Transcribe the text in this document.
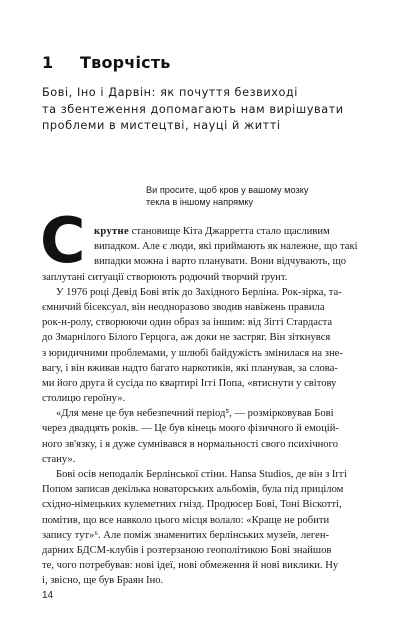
1 Творчість
Бові, Іно і Дарвін: як почуття безвиході
та збентеження допомагають нам вирішувати
проблеми в мистецтві, науці й житті
Ви просите, щоб кров у вашому мозку
текла в іншому напрямку
С крутне становище Кіта Джарретта стало щасливим
випадком. Але є люди, які приймають як належне, що такі
випадки можна і варто планувати. Вони відчувають, що
заплутані ситуації створюють родючий творчий ґрунт.
У 1976 році Девід Бові втік до Західного Берліна. Рок-зірка, та-
ємничий бісексуал, він неодноразово зводив навіжень правила
рок-н-ролу, створюючи один образ за іншим: від Зіггі Стардаста
до Змарнілого Білого Герцога, аж доки не застряг. Він зіткнувся
з юридичними проблемами, у шлюбі байдужість змінилася на зне-
вагу, і він вживав надто багато наркотиків, які планував, за слова-
ми його друга й сусіда по квартирі Іггі Попа, «втиснути у світову
столицю героїну».
«Для мене це був небезпечний період⁵, — розмірковував Бові
через двадцять років. — Це був кінець моого фізичного й емоцій-
ного зв'язку, і я дуже сумнівався в нормальності свого психічного
стану».
Бові осів неподалік Берлінської стіни. Hansa Studios, де він з Іггі
Попом записав декілька новаторських альбомів, була під прицілом
східно-німецьких кулеметних гнізд. Продюсер Бові, Тоні Віскотті,
помітив, що все навколо цього місця волало: «Краще не робити
запису тут»⁶. Але поміж знаменитих берлінських музеїв, леген-
дарних БДСМ-клубів і розтерзаною геополітикою Бові знайшов
те, чого потребував: нові ідеї, нові обмеження й нові виклики. Ну
і, звісно, ще був Браян Іно.
14
